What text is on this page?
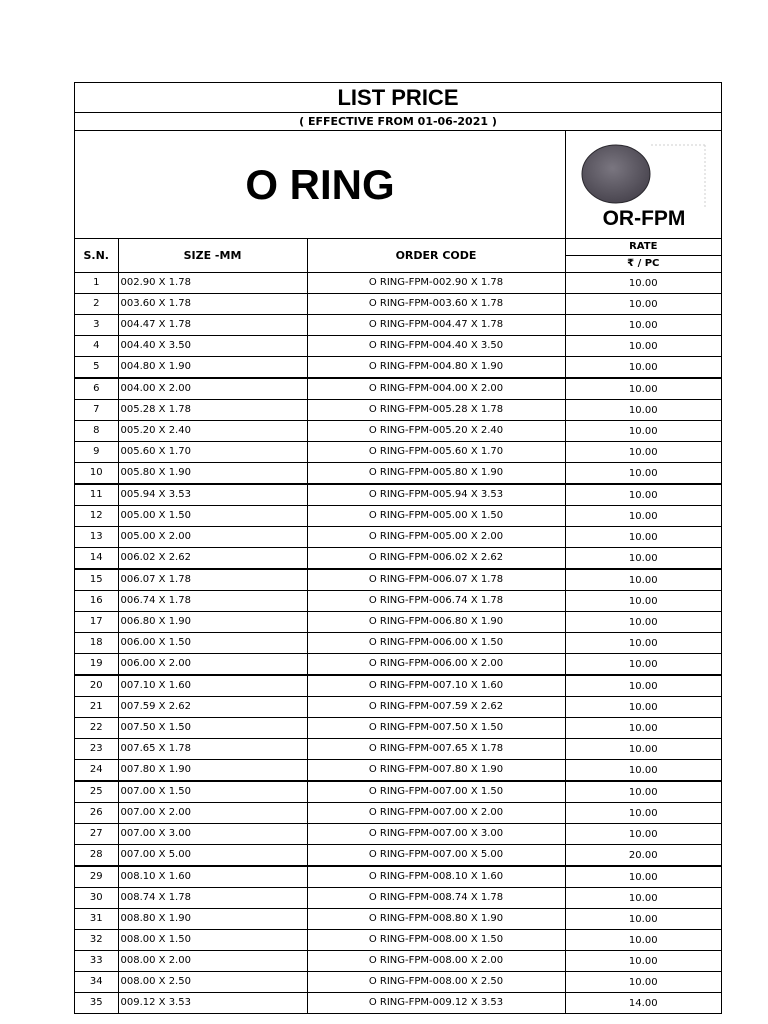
LIST PRICE
( EFFECTIVE FROM 01-06-2021 )
O RING
OR-FPM
S.N.	SIZE -MM	ORDER CODE	RATE
₹ / PC

1	002.90 X 1.78	O RING-FPM-002.90 X 1.78	10.00
2	003.60 X 1.78	O RING-FPM-003.60 X 1.78	10.00
3	004.47 X 1.78	O RING-FPM-004.47 X 1.78	10.00
4	004.40 X 3.50	O RING-FPM-004.40 X 3.50	10.00
5	004.80 X 1.90	O RING-FPM-004.80 X 1.90	10.00
6	004.00 X 2.00	O RING-FPM-004.00 X 2.00	10.00
7	005.28 X 1.78	O RING-FPM-005.28 X 1.78	10.00
8	005.20 X 2.40	O RING-FPM-005.20 X 2.40	10.00
9	005.60 X 1.70	O RING-FPM-005.60 X 1.70	10.00
10	005.80 X 1.90	O RING-FPM-005.80 X 1.90	10.00
11	005.94 X 3.53	O RING-FPM-005.94 X 3.53	10.00
12	005.00 X 1.50	O RING-FPM-005.00 X 1.50	10.00
13	005.00 X 2.00	O RING-FPM-005.00 X 2.00	10.00
14	006.02 X 2.62	O RING-FPM-006.02 X 2.62	10.00
15	006.07 X 1.78	O RING-FPM-006.07 X 1.78	10.00
16	006.74 X 1.78	O RING-FPM-006.74 X 1.78	10.00
17	006.80 X 1.90	O RING-FPM-006.80 X 1.90	10.00
18	006.00 X 1.50	O RING-FPM-006.00 X 1.50	10.00
19	006.00 X 2.00	O RING-FPM-006.00 X 2.00	10.00
20	007.10 X 1.60	O RING-FPM-007.10 X 1.60	10.00
21	007.59 X 2.62	O RING-FPM-007.59 X 2.62	10.00
22	007.50 X 1.50	O RING-FPM-007.50 X 1.50	10.00
23	007.65 X 1.78	O RING-FPM-007.65 X 1.78	10.00
24	007.80 X 1.90	O RING-FPM-007.80 X 1.90	10.00
25	007.00 X 1.50	O RING-FPM-007.00 X 1.50	10.00
26	007.00 X 2.00	O RING-FPM-007.00 X 2.00	10.00
27	007.00 X 3.00	O RING-FPM-007.00 X 3.00	10.00
28	007.00 X 5.00	O RING-FPM-007.00 X 5.00	20.00
29	008.10 X 1.60	O RING-FPM-008.10 X 1.60	10.00
30	008.74 X 1.78	O RING-FPM-008.74 X 1.78	10.00
31	008.80 X 1.90	O RING-FPM-008.80 X 1.90	10.00
32	008.00 X 1.50	O RING-FPM-008.00 X 1.50	10.00
33	008.00 X 2.00	O RING-FPM-008.00 X 2.00	10.00
34	008.00 X 2.50	O RING-FPM-008.00 X 2.50	10.00
35	009.12 X 3.53	O RING-FPM-009.12 X 3.53	14.00
